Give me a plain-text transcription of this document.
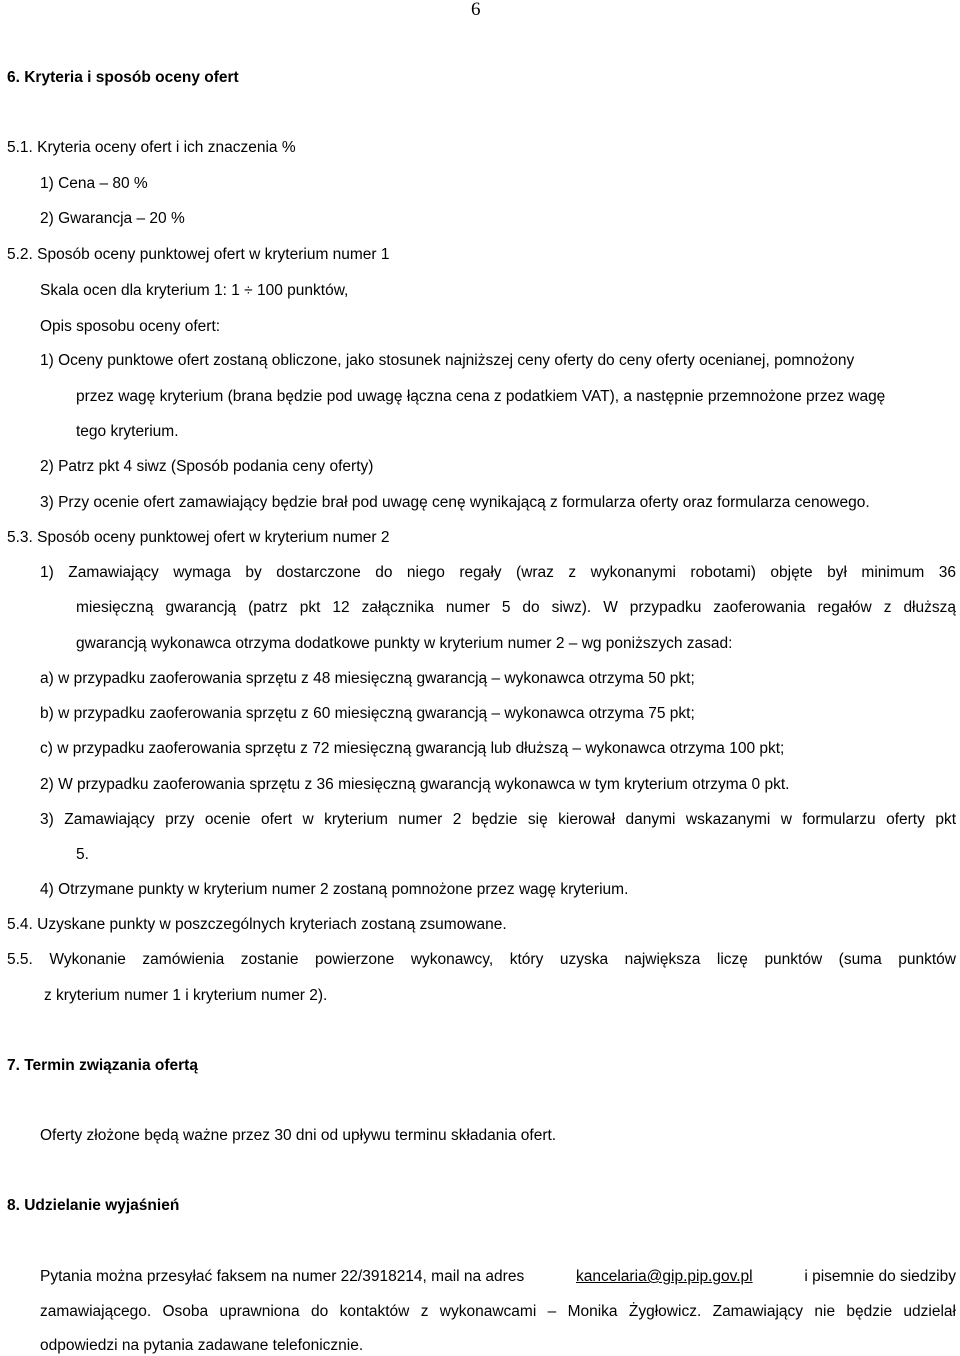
6
6. Kryteria i sposób oceny ofert
5.1. Kryteria oceny ofert i ich znaczenia %
1) Cena – 80 %
2) Gwarancja – 20 %
5.2. Sposób oceny punktowej ofert w kryterium numer 1
Skala ocen dla kryterium 1: 1 ÷ 100 punktów,
Opis sposobu oceny ofert:
1) Oceny punktowe ofert zostaną obliczone, jako stosunek najniższej ceny oferty do ceny oferty ocenianej, pomnożony
przez wagę kryterium (brana będzie pod uwagę łączna cena z podatkiem VAT), a następnie przemnożone przez wagę
tego kryterium.
2) Patrz pkt 4 siwz (Sposób podania ceny oferty)
3) Przy ocenie ofert zamawiający będzie brał pod uwagę cenę wynikającą z formularza oferty oraz formularza cenowego.
5.3. Sposób oceny punktowej ofert w kryterium numer 2
1) Zamawiający wymaga by dostarczone do niego regały (wraz z wykonanymi robotami) objęte był minimum 36
miesięczną gwarancją (patrz pkt 12 załącznika numer 5 do siwz). W przypadku zaoferowania regałów z dłuższą
gwarancją wykonawca otrzyma dodatkowe punkty w kryterium numer 2 – wg poniższych zasad:
a) w przypadku zaoferowania sprzętu z 48 miesięczną gwarancją – wykonawca otrzyma 50 pkt;
b) w przypadku zaoferowania sprzętu z 60 miesięczną gwarancją – wykonawca otrzyma 75 pkt;
c) w przypadku zaoferowania sprzętu z 72 miesięczną gwarancją lub dłuższą – wykonawca otrzyma 100 pkt;
2) W przypadku zaoferowania sprzętu z 36 miesięczną gwarancją wykonawca w tym kryterium otrzyma 0 pkt.
3) Zamawiający przy ocenie ofert w kryterium numer 2 będzie się kierował danymi wskazanymi w formularzu oferty pkt
5.
4) Otrzymane punkty w kryterium numer 2 zostaną pomnożone przez wagę kryterium.
5.4. Uzyskane punkty w poszczególnych kryteriach zostaną zsumowane.
5.5. Wykonanie zamówienia zostanie powierzone wykonawcy, który uzyska największa liczę punktów (suma punktów
z kryterium numer 1 i kryterium numer 2).
7. Termin związania ofertą
Oferty złożone będą ważne przez 30 dni od upływu terminu składania ofert.
8. Udzielanie wyjaśnień
Pytania można przesyłać faksem na numer 22/3918214, mail na adres	kancelaria@gip.pip.gov.pl	i pisemnie do siedziby
zamawiającego. Osoba uprawniona do kontaktów z wykonawcami – Monika Żygłowicz. Zamawiający nie będzie udzielał
odpowiedzi na pytania zadawane telefonicznie.
